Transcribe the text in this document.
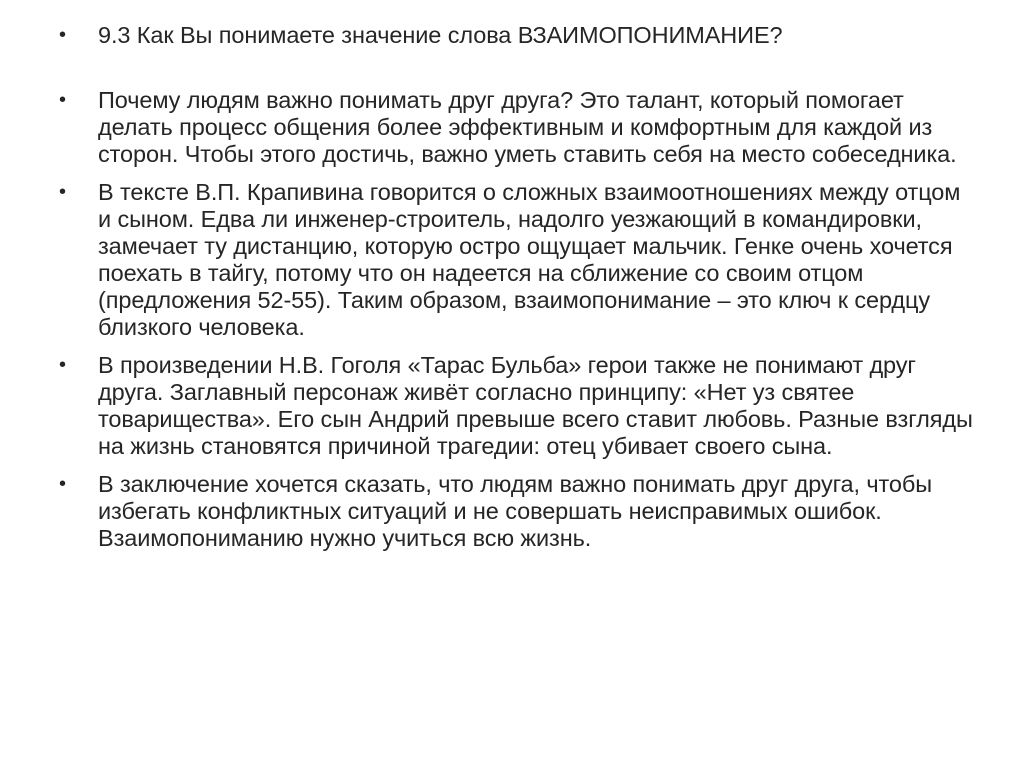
• 9.3 Как Вы понимаете значение слова ВЗАИМОПОНИМАНИЕ?
• Почему людям важно понимать друг друга? Это талант, который помогает делать процесс общения более эффективным и комфортным для каждой из сторон. Чтобы этого достичь, важно уметь ставить себя на место собеседника.
• В тексте В.П. Крапивина говорится о сложных взаимоотношениях между отцом и сыном. Едва ли инженер-строитель, надолго уезжающий в командировки, замечает ту дистанцию, которую остро ощущает мальчик. Генке очень хочется поехать в тайгу, потому что он надеется на сближение со своим отцом (предложения 52-55). Таким образом, взаимопонимание – это ключ к сердцу близкого человека.
• В произведении Н.В. Гоголя «Тарас Бульба» герои также не понимают друг друга. Заглавный персонаж живёт согласно принципу: «Нет уз святее товарищества». Его сын Андрий превыше всего ставит любовь. Разные взгляды на жизнь становятся причиной трагедии: отец убивает своего сына.
• В заключение хочется сказать, что людям важно понимать друг друга, чтобы избегать конфликтных ситуаций и не совершать неисправимых ошибок. Взаимопониманию нужно учиться всю жизнь.
